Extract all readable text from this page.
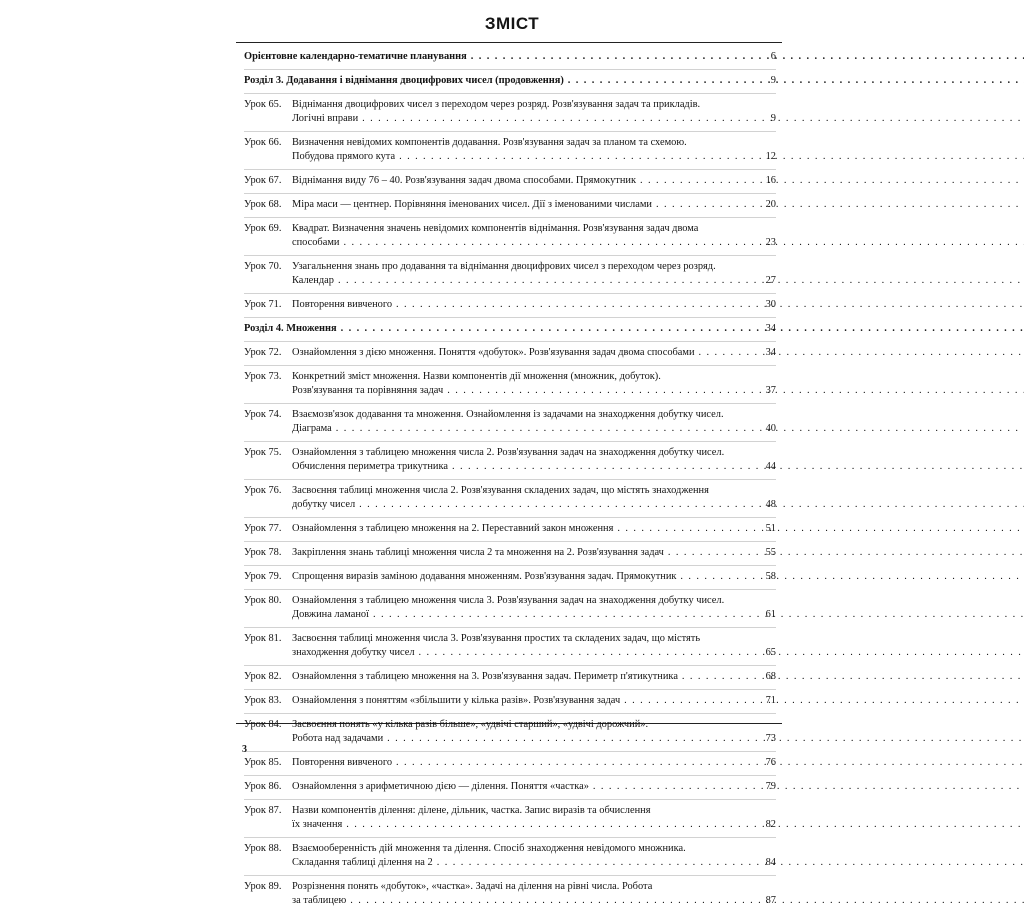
ЗМІСТ
Орієнтовне календарно-тематичне планування . . .	6
Розділ 3. Додавання і віднімання двоцифрових чисел (продовження) . . .	9
Урок 65.	Віднімання двоцифрових чисел з переходом через розряд. Розв'язування задач та прикладів.
Логічні вправи . . .	9
Урок 66.	Визначення невідомих компонентів додавання. Розв'язування задач за планом та схемою.
Побудова прямого кута . . .	12
Урок 67.	Віднімання виду 76 – 40. Розв'язування задач двома способами. Прямокутник . . .	16
Урок 68.	Міра маси — центнер. Порівняння іменованих чисел. Дії з іменованими числами . . .	20
Урок 69.	Квадрат. Визначення значень невідомих компонентів віднімання. Розв'язування задач двома
способами . . .	23
Урок 70.	Узагальнення знань про додавання та віднімання двоцифрових чисел з переходом через розряд.
Календар . . .	27
Урок 71.	Повторення вивченого . . .	30
Розділ 4. Множення . . .	34
Урок 72.	Ознайомлення з дією множення. Поняття «добуток». Розв'язування задач двома способами . . .	34
Урок 73.	Конкретний зміст множення. Назви компонентів дії множення (множник, добуток).
Розв'язування та порівняння задач . . .	37
Урок 74.	Взаємозв'язок додавання та множення. Ознайомлення із задачами на знаходження добутку чисел.
Діаграма . . .	40
Урок 75.	Ознайомлення з таблицею множення числа 2. Розв'язування задач на знаходження добутку чисел.
Обчислення периметра трикутника . . .	44
Урок 76.	Засвоєння таблиці множення числа 2. Розв'язування складених задач, що містять знаходження
добутку чисел . . .	48
Урок 77.	Ознайомлення з таблицею множення на 2. Переставний закон множення . . .	51
Урок 78.	Закріплення знань таблиці множення числа 2 та множення на 2. Розв'язування задач . . .	55
Урок 79.	Спрощення виразів заміною додавання множенням. Розв'язування задач. Прямокутник . . .	58
Урок 80.	Ознайомлення з таблицею множення числа 3. Розв'язування задач на знаходження добутку чисел.
Довжина ламаної . . .	61
Урок 81.	Засвоєння таблиці множення числа 3. Розв'язування простих та складених задач, що містять
знаходження добутку чисел . . .	65
Урок 82.	Ознайомлення з таблицею множення на 3. Розв'язування задач. Периметр п'ятикутника . . .	68
Урок 83.	Ознайомлення з поняттям «збільшити у кілька разів». Розв'язування задач . . .	71
Урок 84.	Засвоєння понять «у кілька разів більше», «удвічі старший», «удвічі дорожчий».
Робота над задачами . . .	73
Урок 85.	Повторення вивченого . . .	76
Урок 86.	Ознайомлення з арифметичною дією — ділення. Поняття «частка» . . .	79
Урок 87.	Назви компонентів ділення: ділене, дільник, частка. Запис виразів та обчислення
їх значення . . .	82
Урок 88.	Взаємооберенність дій множення та ділення. Спосіб знаходження невідомого множника.
Складання таблиці ділення на 2 . . .	84
Урок 89.	Розрізнення понять «добуток», «частка». Задачі на ділення на рівні числа. Робота
за таблицею . . .	87
3
